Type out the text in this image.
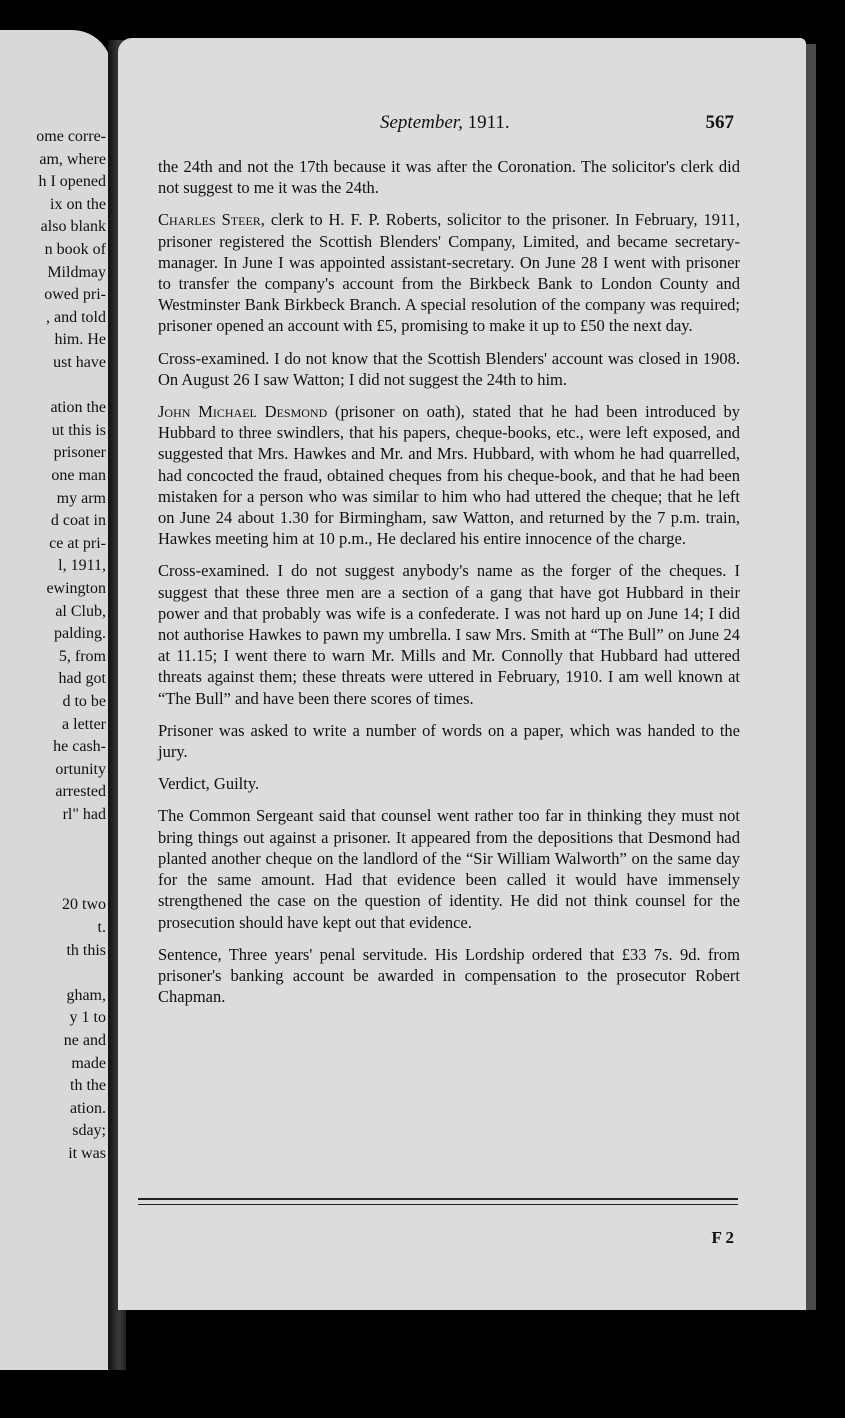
ome corre-
am, where
h I opened
ix on the
also blank
n book of
Mildmay
owed pri-
, and told
him. He
ust have
ation the
ut this is
prisoner
one man
my arm
d coat in
ce at pri-
l, 1911,
ewington
al Club,
palding.
5, from
had got
d to be
a letter
he cash-
ortunity
arrested
rl" had
20 two
t.
th this
gham,
y 1 to
ne and
made
th the
ation.
sday;
it was
September, 1911.	567

the 24th and not the 17th because it was after the Coronation. The solicitor's clerk did not suggest to me it was the 24th.

Charles Steer, clerk to H. F. P. Roberts, solicitor to the prisoner. In February, 1911, prisoner registered the Scottish Blenders' Company, Limited, and became secretary-manager. In June I was appointed assistant-secretary. On June 28 I went with prisoner to transfer the company's account from the Birkbeck Bank to London County and Westminster Bank Birkbeck Branch. A special resolution of the company was required; prisoner opened an account with £5, promising to make it up to £50 the next day.

Cross-examined. I do not know that the Scottish Blenders' account was closed in 1908. On August 26 I saw Watton; I did not suggest the 24th to him.

John Michael Desmond (prisoner on oath), stated that he had been introduced by Hubbard to three swindlers, that his papers, cheque-books, etc., were left exposed, and suggested that Mrs. Hawkes and Mr. and Mrs. Hubbard, with whom he had quarrelled, had concocted the fraud, obtained cheques from his cheque-book, and that he had been mistaken for a person who was similar to him who had uttered the cheque; that he left on June 24 about 1.30 for Birmingham, saw Watton, and returned by the 7 p.m. train, Hawkes meeting him at 10 p.m., He declared his entire innocence of the charge.

Cross-examined. I do not suggest anybody's name as the forger of the cheques. I suggest that these three men are a section of a gang that have got Hubbard in their power and that probably was wife is a confederate. I was not hard up on June 14; I did not authorise Hawkes to pawn my umbrella. I saw Mrs. Smith at “The Bull” on June 24 at 11.15; I went there to warn Mr. Mills and Mr. Connolly that Hubbard had uttered threats against them; these threats were uttered in February, 1910. I am well known at “The Bull” and have been there scores of times.

Prisoner was asked to write a number of words on a paper, which was handed to the jury.

Verdict, Guilty.

The Common Sergeant said that counsel went rather too far in thinking they must not bring things out against a prisoner. It appeared from the depositions that Desmond had planted another cheque on the landlord of the “Sir William Walworth” on the same day for the same amount. Had that evidence been called it would have immensely strengthened the case on the question of identity. He did not think counsel for the prosecution should have kept out that evidence.

Sentence, Three years' penal servitude. His Lordship ordered that £33 7s. 9d. from prisoner's banking account be awarded in compensation to the prosecutor Robert Chapman.

F 2
